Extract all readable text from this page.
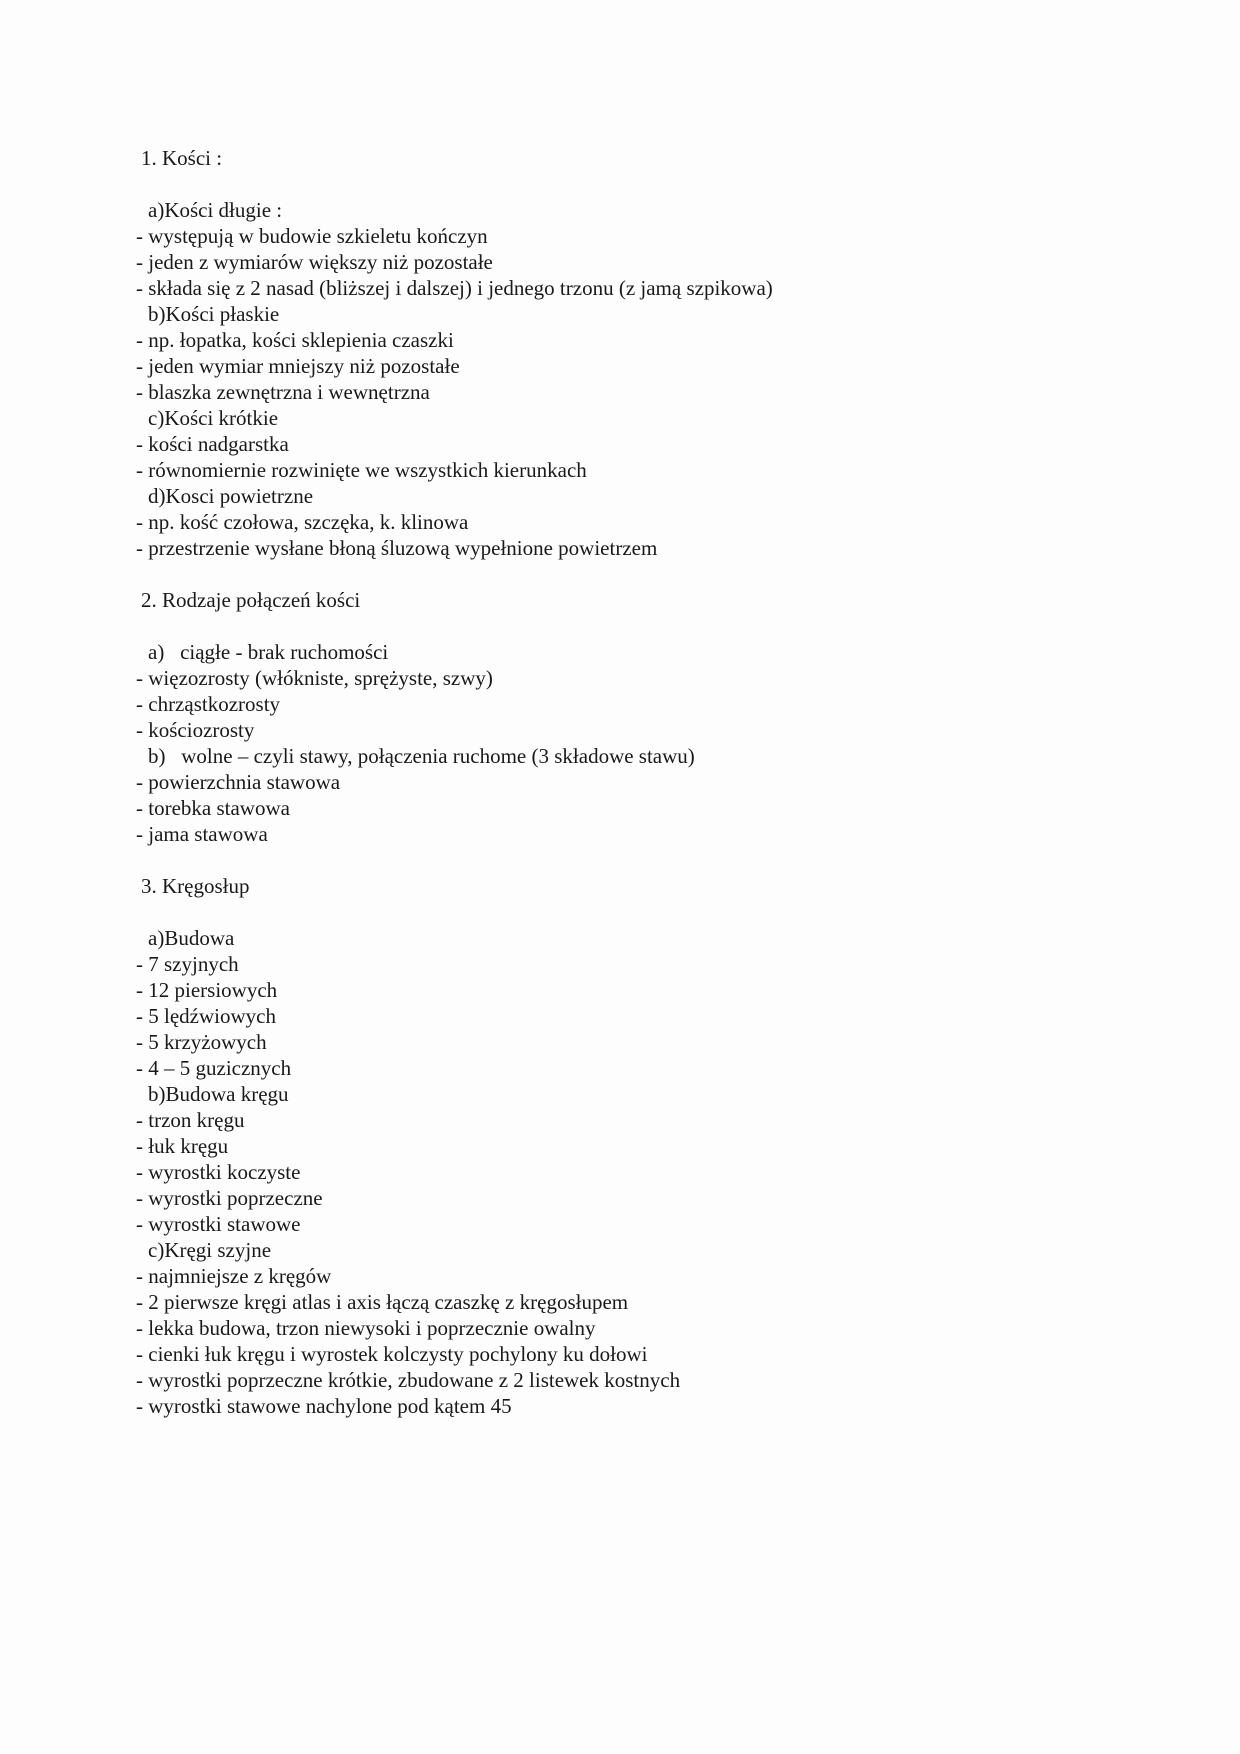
1. Kości :
a)Kości długie :
- występują w budowie szkieletu kończyn
- jeden z wymiarów większy niż pozostałe
- składa się z 2 nasad (bliższej i dalszej) i jednego trzonu (z jamą szpikowa)
b)Kości płaskie
- np. łopatka, kości sklepienia czaszki
- jeden wymiar mniejszy niż pozostałe
- blaszka zewnętrzna i wewnętrzna
c)Kości krótkie
- kości nadgarstka
- równomiernie rozwinięte we wszystkich kierunkach
d)Kosci powietrzne
- np. kość czołowa, szczęka, k. klinowa
- przestrzenie wysłane błoną śluzową wypełnione powietrzem
2. Rodzaje połączeń kości
a)   ciągłe - brak ruchomości
- więzozrosty (włókniste, sprężyste, szwy)
- chrząstkozrosty
- kościozrosty
b)   wolne – czyli stawy, połączenia ruchome (3 składowe stawu)
- powierzchnia stawowa
- torebka stawowa
- jama stawowa
3. Kręgosłup
a)Budowa
- 7 szyjnych
- 12 piersiowych
- 5 lędźwiowych
- 5 krzyżowych
- 4 – 5 guzicznych
b)Budowa kręgu
- trzon kręgu
- łuk kręgu
- wyrostki koczyste
- wyrostki poprzeczne
- wyrostki stawowe
c)Kręgi szyjne
- najmniejsze z kręgów
- 2 pierwsze kręgi atlas i axis łączą czaszkę z kręgosłupem
- lekka budowa, trzon niewysoki i poprzecznie owalny
- cienki łuk kręgu i wyrostek kolczysty pochylony ku dołowi
- wyrostki poprzeczne krótkie, zbudowane z 2 listewek kostnych
- wyrostki stawowe nachylone pod kątem 45
